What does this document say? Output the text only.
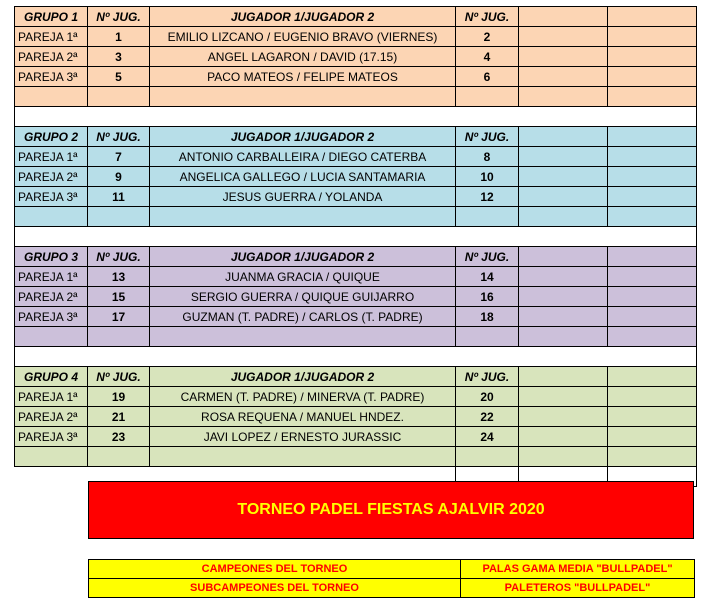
GRUPO 1	Nº JUG.	JUGADOR 1/JUGADOR 2	Nº JUG.		
PAREJA 1ª	1	EMILIO LIZCANO / EUGENIO BRAVO (VIERNES)	2		
PAREJA 2ª	3	ANGEL LAGARON / DAVID (17.15)	4		
PAREJA 3ª	5	PACO MATEOS / FELIPE MATEOS	6		

GRUPO 2	Nº JUG.	JUGADOR 1/JUGADOR 2	Nº JUG.		
PAREJA 1ª	7	ANTONIO CARBALLEIRA / DIEGO CATERBA	8		
PAREJA 2ª	9	ANGELICA GALLEGO / LUCIA SANTAMARIA	10		
PAREJA 3ª	11	JESUS GUERRA / YOLANDA	12		

GRUPO 3	Nº JUG.	JUGADOR 1/JUGADOR 2	Nº JUG.		
PAREJA 1ª	13	JUANMA GRACIA / QUIQUE	14		
PAREJA 2ª	15	SERGIO GUERRA / QUIQUE GUIJARRO	16		
PAREJA 3ª	17	GUZMAN (T. PADRE) / CARLOS (T. PADRE)	18		

GRUPO 4	Nº JUG.	JUGADOR 1/JUGADOR 2	Nº JUG.		
PAREJA 1ª	19	CARMEN (T. PADRE) / MINERVA (T. PADRE)	20		
PAREJA 2ª	21	ROSA REQUENA / MANUEL HNDEZ.	22		
PAREJA 3ª	23	JAVI LOPEZ / ERNESTO JURASSIC	24		

TORNEO PADEL FIESTAS AJALVIR 2020
CAMPEONES DEL TORNEO	PALAS GAMA MEDIA "BULLPADEL"
SUBCAMPEONES DEL TORNEO	PALETEROS "BULLPADEL"
